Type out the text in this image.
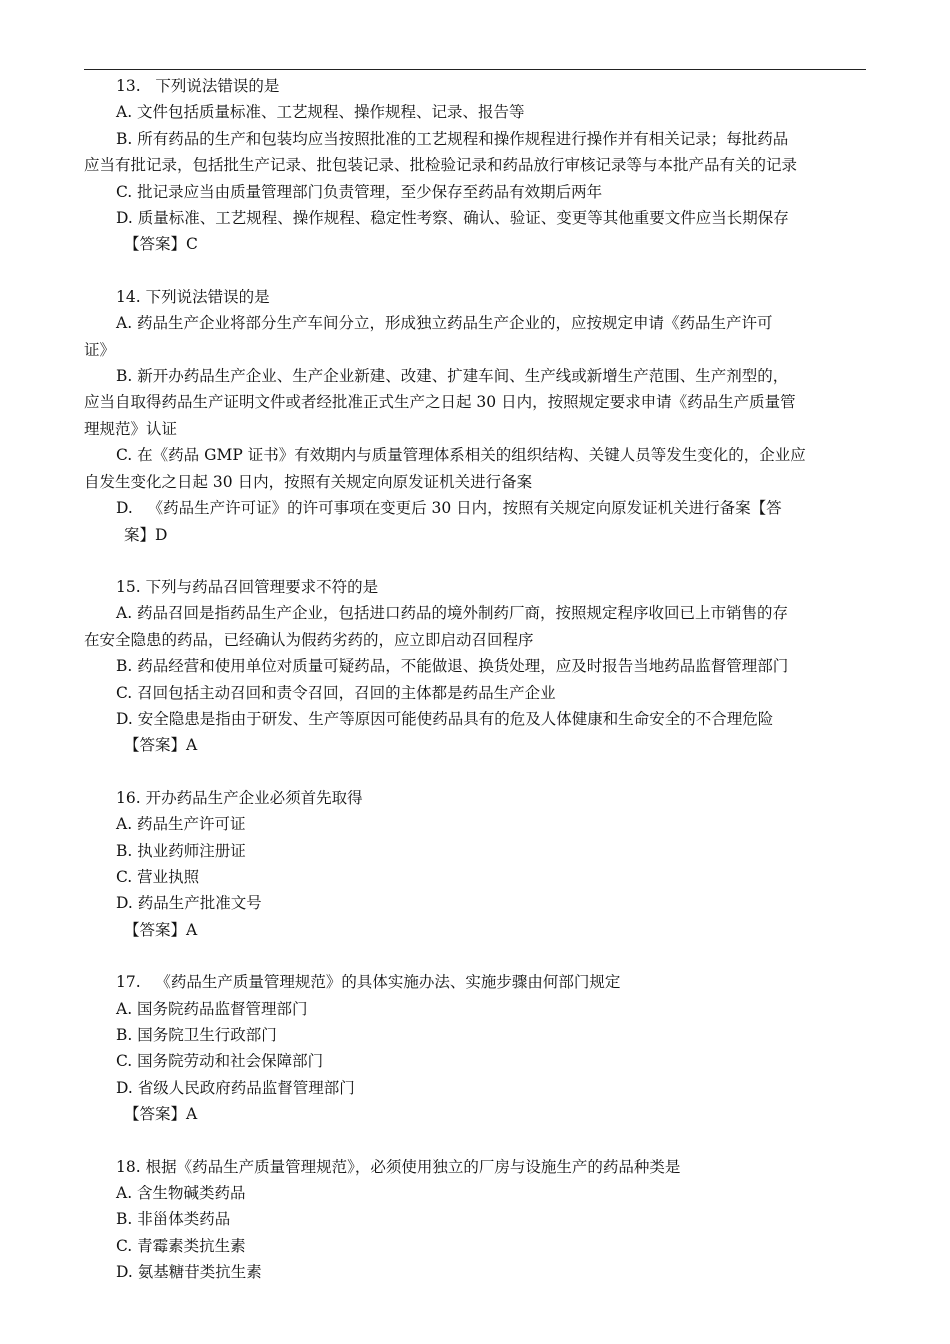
13.   下列说法错误的是
A. 文件包括质量标准、工艺规程、操作规程、记录、报告等
B. 所有药品的生产和包装均应当按照批准的工艺规程和操作规程进行操作并有相关记录；每批药品
应当有批记录，包括批生产记录、批包装记录、批检验记录和药品放行审核记录等与本批产品有关的记录
C. 批记录应当由质量管理部门负责管理，至少保存至药品有效期后两年
D. 质量标准、工艺规程、操作规程、稳定性考察、确认、验证、变更等其他重要文件应当长期保存
【答案】C
14. 下列说法错误的是
A. 药品生产企业将部分生产车间分立，形成独立药品生产企业的，应按规定申请《药品生产许可
证》
B. 新开办药品生产企业、生产企业新建、改建、扩建车间、生产线或新增生产范围、生产剂型的，
应当自取得药品生产证明文件或者经批准正式生产之日起 30 日内，按照规定要求申请《药品生产质量管
理规范》认证
C. 在《药品 GMP 证书》有效期内与质量管理体系相关的组织结构、关键人员等发生变化的，企业应
自发生变化之日起 30 日内，按照有关规定向原发证机关进行备案
D.   《药品生产许可证》的许可事项在变更后 30 日内，按照有关规定向原发证机关进行备案【答
案】D
15. 下列与药品召回管理要求不符的是
A. 药品召回是指药品生产企业，包括进口药品的境外制药厂商，按照规定程序收回已上市销售的存
在安全隐患的药品，已经确认为假药劣药的，应立即启动召回程序
B. 药品经营和使用单位对质量可疑药品，不能做退、换货处理，应及时报告当地药品监督管理部门
C. 召回包括主动召回和责令召回，召回的主体都是药品生产企业
D. 安全隐患是指由于研发、生产等原因可能使药品具有的危及人体健康和生命安全的不合理危险
【答案】A
16. 开办药品生产企业必须首先取得
A. 药品生产许可证
B. 执业药师注册证
C. 营业执照
D. 药品生产批准文号
【答案】A
17.   《药品生产质量管理规范》的具体实施办法、实施步骤由何部门规定
A. 国务院药品监督管理部门
B. 国务院卫生行政部门
C. 国务院劳动和社会保障部门
D. 省级人民政府药品监督管理部门
【答案】A
18. 根据《药品生产质量管理规范》，必须使用独立的厂房与设施生产的药品种类是
A. 含生物碱类药品
B. 非甾体类药品
C. 青霉素类抗生素
D. 氨基糖苷类抗生素
